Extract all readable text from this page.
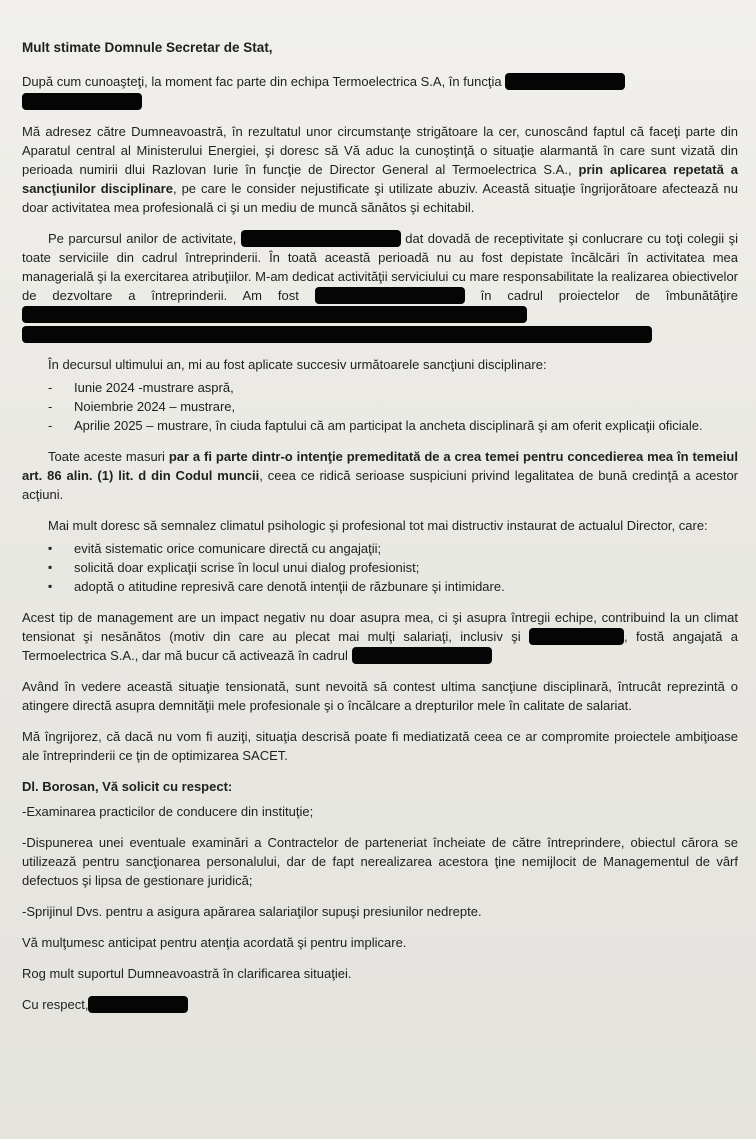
Mult stimate Domnule Secretar de Stat,

După cum cunoaşteţi, la moment fac parte din echipa Termoelectrica S.A, în funcţia

Mă adresez către Dumneavoastră, în rezultatul unor circumstanţe strigătoare la cer, cunoscând faptul că faceţi parte din Aparatul central al Ministerului Energiei, şi doresc să Vă aduc la cunoştinţă o situaţie alarmantă în care sunt vizată din perioada numirii dlui Razlovan Iurie în funcţie de Director General al Termoelectrica S.A., prin aplicarea repetată a sancţiunilor disciplinare, pe care le consider nejustificate şi utilizate abuziv. Această situaţie îngrijorătoare afectează nu doar activitatea mea profesională ci şi un mediu de muncă sănătos şi echitabil.

Pe parcursul anilor de activitate,	dat dovadă de receptivitate şi conlucrare cu toţi colegii şi toate serviciile din cadrul întreprinderii. În toată această perioadă nu au fost depistate încălcări în activitatea mea managerială şi la exercitarea atribuţiilor. M-am dedicat activităţii serviciului cu mare responsabilitate la realizarea obiectivelor de dezvoltare a întreprinderii. Am fost	în cadrul proiectelor de îmbunătăţire

În decursul ultimului an, mi au fost aplicate succesiv următoarele sancţiuni disciplinare:

-	Iunie 2024 -mustrare aspră,
-	Noiembrie 2024 – mustrare,
-	Aprilie 2025 – mustrare, în ciuda faptului că am participat la ancheta disciplinară şi am oferit explicaţii oficiale.

Toate aceste masuri par a fi parte dintr-o intenţie premeditată de a crea temei pentru concedierea mea în temeiul art. 86 alin. (1) lit. d din Codul muncii, ceea ce ridică serioase suspiciuni privind legalitatea de bună credinţă a acestor acţiuni.

Mai mult doresc să semnalez climatul psihologic şi profesional tot mai distructiv instaurat de actualul Director, care:

▪	evită sistematic orice comunicare directă cu angajaţii;
▪	solicită doar explicaţii scrise în locul unui dialog profesionist;
▪	adoptă o atitudine represivă care denotă intenţii de răzbunare şi intimidare.

Acest tip de management are un impact negativ nu doar asupra mea, ci şi asupra întregii echipe, contribuind la un climat tensionat şi nesănătos (motiv din care au plecat mai mulţi salariaţi, inclusiv şi	, fostă angajată a Termoelectrica S.A., dar mă bucur că activează în cadrul

Având în vedere această situaţie tensionată, sunt nevoită să contest ultima sancţiune disciplinară, întrucât reprezintă o atingere directă asupra demnităţii mele profesionale şi o încălcare a drepturilor mele în calitate de salariat.

Mă îngrijorez, că dacă nu vom fi auziţi, situaţia descrisă poate fi mediatizată ceea ce ar compromite proiectele ambiţioase ale întreprinderii ce ţin de optimizarea SACET.

Dl. Borosan, Vă solicit cu respect:

-Examinarea practicilor de conducere din instituţie;

-Dispunerea unei eventuale examinări a Contractelor de parteneriat încheiate de către întreprindere, obiectul cărora se utilizează pentru sancţionarea personalului, dar de fapt nerealizarea acestora ţine nemijlocit de Managementul de vârf defectuos şi lipsa de gestionare juridică;

-Sprijinul Dvs. pentru a asigura apărarea salariaţilor supuşi presiunilor nedrepte.

Vă mulţumesc anticipat pentru atenţia acordată şi pentru implicare.

Rog mult suportul Dumneavoastră în clarificarea situaţiei.

Cu respect,
